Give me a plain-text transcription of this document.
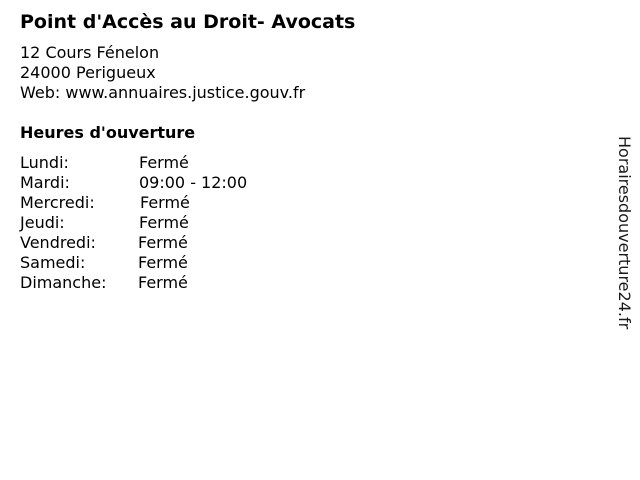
Point d'Accès au Droit- Avocats
12 Cours Fénelon
24000 Perigueux
Web: www.annuaires.justice.gouv.fr
Heures d'ouverture
Lundi:	Fermé
Mardi:	09:00 - 12:00
Mercredi:	Fermé
Jeudi:	Fermé
Vendredi:	Fermé
Samedi:	Fermé
Dimanche: Fermé	Horairesdouverture24.fr
